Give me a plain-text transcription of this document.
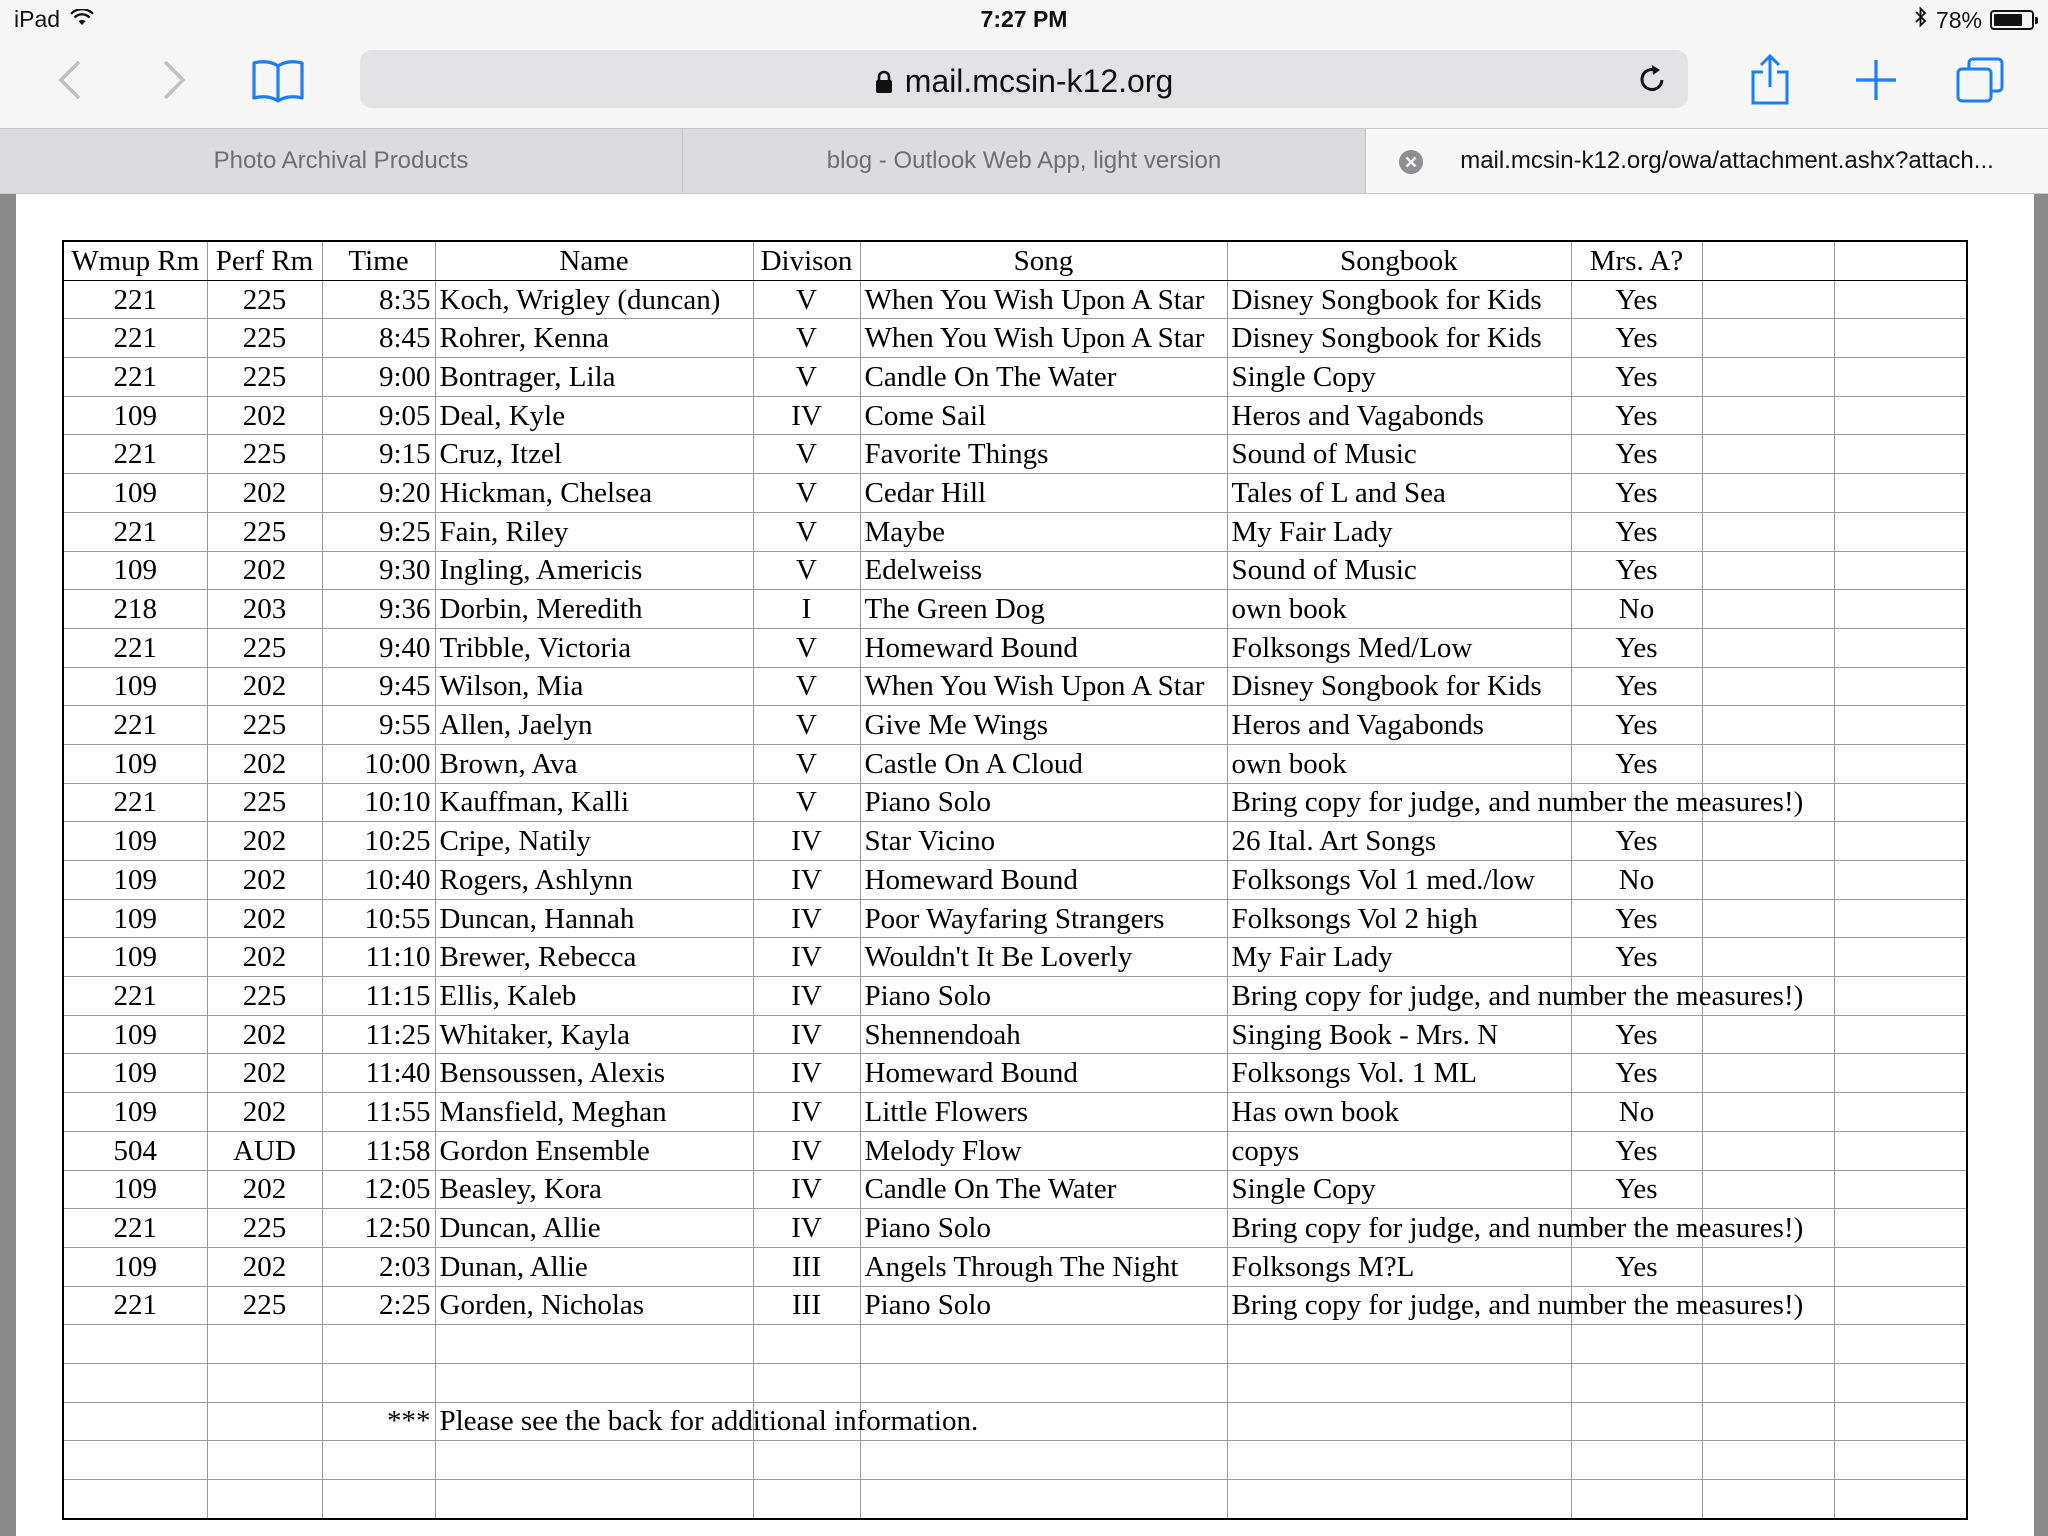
iPad	7:27 PM	78%
mail.mcsin-k12.org
Photo Archival Products	blog - Outlook Web App, light version	mail.mcsin-k12.org/owa/attachment.ashx?attach...
Wmup Rm	Perf Rm	Time	Name	Divison	Song	Songbook	Mrs. A?		
221	225	8:35	Koch, Wrigley (duncan)	V	When You Wish Upon A Star	Disney Songbook for Kids	Yes		
221	225	8:45	Rohrer, Kenna	V	When You Wish Upon A Star	Disney Songbook for Kids	Yes		
221	225	9:00	Bontrager, Lila	V	Candle On The Water	Single Copy	Yes		
109	202	9:05	Deal, Kyle	IV	Come Sail	Heros and Vagabonds	Yes		
221	225	9:15	Cruz, Itzel	V	Favorite Things	Sound of Music	Yes		
109	202	9:20	Hickman, Chelsea	V	Cedar Hill	Tales of L and Sea	Yes		
221	225	9:25	Fain, Riley	V	Maybe	My Fair Lady	Yes		
109	202	9:30	Ingling, Americis	V	Edelweiss	Sound of Music	Yes		
218	203	9:36	Dorbin, Meredith	I	The Green Dog	own book	No		
221	225	9:40	Tribble, Victoria	V	Homeward Bound	Folksongs Med/Low	Yes		
109	202	9:45	Wilson, Mia	V	When You Wish Upon A Star	Disney Songbook for Kids	Yes		
221	225	9:55	Allen, Jaelyn	V	Give Me Wings	Heros and Vagabonds	Yes		
109	202	10:00	Brown, Ava	V	Castle On A Cloud	own book	Yes		
221	225	10:10	Kauffman, Kalli	V	Piano Solo	Bring copy for judge, and number the measures!)			
109	202	10:25	Cripe, Natily	IV	Star Vicino	26 Ital. Art Songs	Yes		
109	202	10:40	Rogers, Ashlynn	IV	Homeward Bound	Folksongs Vol 1 med./low	No		
109	202	10:55	Duncan, Hannah	IV	Poor Wayfaring Strangers	Folksongs Vol 2 high	Yes		
109	202	11:10	Brewer, Rebecca	IV	Wouldn't It Be Loverly	My Fair Lady	Yes		
221	225	11:15	Ellis, Kaleb	IV	Piano Solo	Bring copy for judge, and number the measures!)			
109	202	11:25	Whitaker, Kayla	IV	Shennendoah	Singing Book - Mrs. N	Yes		
109	202	11:40	Bensoussen, Alexis	IV	Homeward Bound	Folksongs Vol. 1 ML	Yes		
109	202	11:55	Mansfield, Meghan	IV	Little Flowers	Has own book	No		
504	AUD	11:58	Gordon Ensemble	IV	Melody Flow	copys	Yes		
109	202	12:05	Beasley, Kora	IV	Candle On The Water	Single Copy	Yes		
221	225	12:50	Duncan, Allie	IV	Piano Solo	Bring copy for judge, and number the measures!)			
109	202	2:03	Dunan, Allie	III	Angels Through The Night	Folksongs M?L	Yes		
221	225	2:25	Gorden, Nicholas	III	Piano Solo	Bring copy for judge, and number the measures!)			

		***	Please see the back for additional information.						
